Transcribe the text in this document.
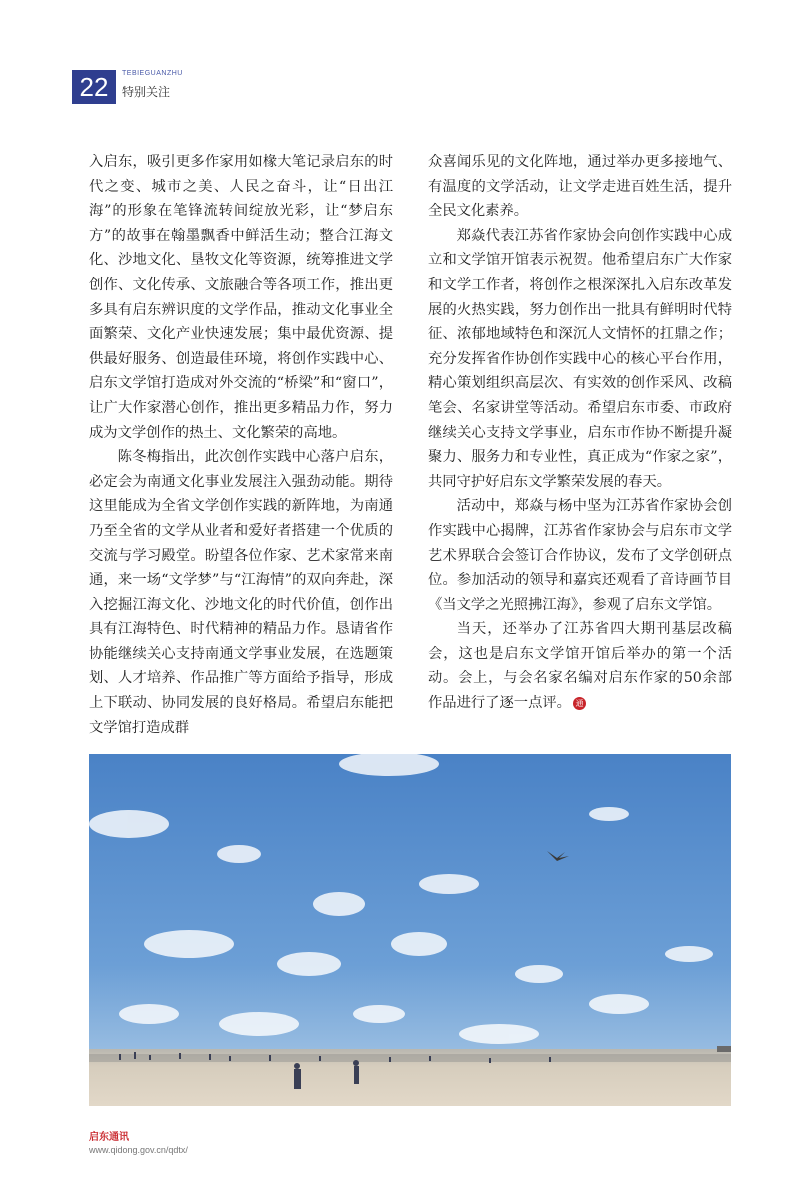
22	TEBIEGUANZHU
特别关注

入启东，吸引更多作家用如椽大笔记录启东的时代之变、城市之美、人民之奋斗，让“日出江海”的形象在笔锋流转间绽放光彩，让“梦启东方”的故事在翰墨飘香中鲜活生动；整合江海文化、沙地文化、垦牧文化等资源，统筹推进文学创作、文化传承、文旅融合等各项工作，推出更多具有启东辨识度的文学作品，推动文化事业全面繁荣、文化产业快速发展；集中最优资源、提供最好服务、创造最佳环境，将创作实践中心、启东文学馆打造成对外交流的“桥梁”和“窗口”，让广大作家潜心创作，推出更多精品力作，努力成为文学创作的热土、文化繁荣的高地。

陈冬梅指出，此次创作实践中心落户启东，必定会为南通文化事业发展注入强劲动能。期待这里能成为全省文学创作实践的新阵地，为南通乃至全省的文学从业者和爱好者搭建一个优质的交流与学习殿堂。盼望各位作家、艺术家常来南通，来一场“文学梦”与“江海情”的双向奔赴，深入挖掘江海文化、沙地文化的时代价值，创作出具有江海特色、时代精神的精品力作。恳请省作协能继续关心支持南通文学事业发展，在选题策划、人才培养、作品推广等方面给予指导，形成上下联动、协同发展的良好格局。希望启东能把文学馆打造成群

众喜闻乐见的文化阵地，通过举办更多接地气、有温度的文学活动，让文学走进百姓生活，提升全民文化素养。

郑焱代表江苏省作家协会向创作实践中心成立和文学馆开馆表示祝贺。他希望启东广大作家和文学工作者，将创作之根深深扎入启东改革发展的火热实践，努力创作出一批具有鲜明时代特征、浓郁地域特色和深沉人文情怀的扛鼎之作；充分发挥省作协创作实践中心的核心平台作用，精心策划组织高层次、有实效的创作采风、改稿笔会、名家讲堂等活动。希望启东市委、市政府继续关心支持文学事业，启东市作协不断提升凝聚力、服务力和专业性，真正成为“作家之家”，共同守护好启东文学繁荣发展的春天。

活动中，郑焱与杨中坚为江苏省作家协会创作实践中心揭牌，江苏省作家协会与启东市文学艺术界联合会签订合作协议，发布了文学创研点位。参加活动的领导和嘉宾还观看了音诗画节目《当文学之光照拂江海》，参观了启东文学馆。

当天，还举办了江苏省四大期刊基层改稿会，这也是启东文学馆开馆后举办的第一个活动。会上，与会名家名编对启东作家的50余部作品进行了逐一点评。 通

启东通讯
www.qidong.gov.cn/qdtx/
